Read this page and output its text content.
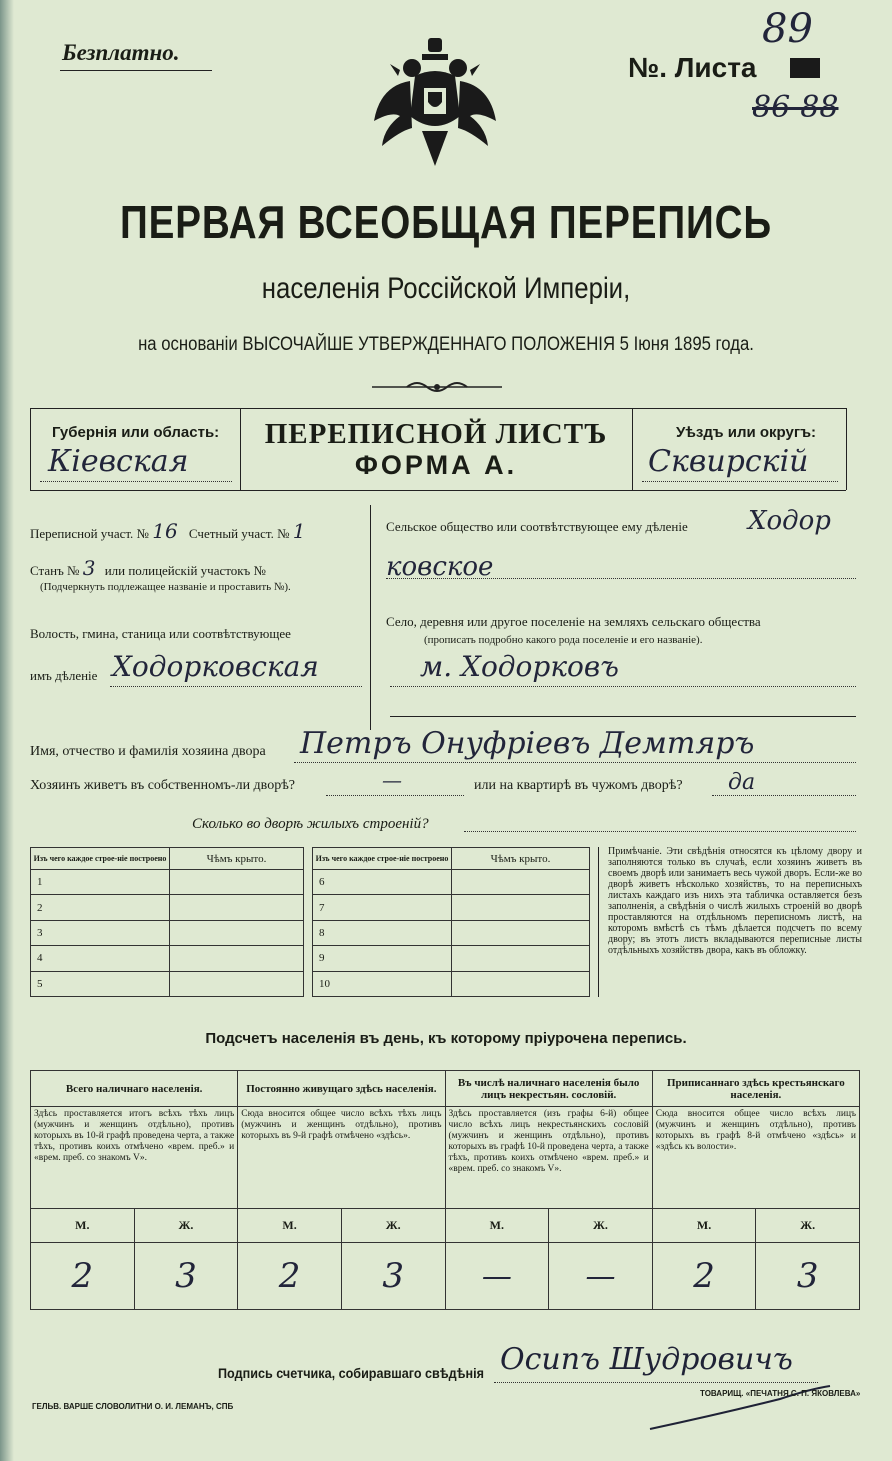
Безплатно.	№. Листа
89
86-88
ПЕРВАЯ ВСЕОБЩАЯ ПЕРЕПИСЬ
населенія Россійской Имперіи,
на основаніи ВЫСОЧАЙШЕ УТВЕРЖДЕННАГО ПОЛОЖЕНІЯ 5 Іюня 1895 года.
Губернія или область:
Кіевская
ПЕРЕПИСНОЙ ЛИСТЪ
ФОРМА А.
Уѣздъ или округъ:
Сквирскій
Переписной участ. № 16 Счетный участ. № 1
Станъ № 3 или полицейскій участокъ №
(Подчеркнуть подлежащее названіе и проставить №).
Волость, гмина, станица или соотвѣтствующее
имъ дѣленіе Ходорковская
Сельское общество или соотвѣтствующее ему дѣленіе Ходор
ковское
Село, деревня или другое поселеніе на земляхъ сельскаго общества
(прописать подробно какого рода поселеніе и его названіе).
м. Ходорковъ
Имя, отчество и фамилія хозяина двора Петръ Онуфріевъ Демтяръ
Хозяинъ живетъ въ собственномъ-ли дворѣ?	—	или на квартирѣ въ чужомъ дворѣ? да
Сколько во дворѣ жилыхъ строеній?
Изъ чего каждое строе-ніе построено	Чѣмъ крыто.
1	
2	
3	
4	
5	
Изъ чего каждое строе-ніе построено	Чѣмъ крыто.
6	
7	
8	
9	
10	
Примѣчаніе. Эти свѣдѣнія относятся къ цѣлому двору и заполняются только въ случаѣ, если хозяинъ живетъ въ своемъ дворѣ или занимаетъ весь чужой дворъ. Если-же во дворѣ живетъ нѣсколько хозяйствъ, то на переписныхъ листахъ каждаго изъ нихъ эта табличка оставляется безъ заполненія, а свѣдѣнія о числѣ жилыхъ строеній во дворѣ проставляются на отдѣльномъ переписномъ листѣ, на которомъ вмѣстѣ съ тѣмъ дѣлается подсчетъ по всему двору; въ этотъ листъ вкладываются переписные листы отдѣльныхъ хозяйствъ двора, какъ въ обложку.
Подсчетъ населенія въ день, къ которому пріурочена перепись.
Всего наличнаго населенія.		Постоянно живущаго здѣсь населенія.		Въ числѣ наличнаго населенія было лицъ некрестьян. сословій.		Приписаннаго здѣсь крестьянскаго населенія.	
Здѣсь проставляется итогъ всѣхъ тѣхъ лицъ (мужчинъ и женщинъ отдѣльно), противъ которыхъ въ 10-й графѣ проведена черта, а также тѣхъ, противъ коихъ отмѣчено «врем. преб.» и «врем. преб. со знакомъ V».		Сюда вносится общее число всѣхъ тѣхъ лицъ (мужчинъ и женщинъ отдѣльно), противъ которыхъ въ 9-й графѣ отмѣчено «здѣсь».		Здѣсь проставляется (изъ графы 6-й) общее число всѣхъ лицъ некрестьянскихъ сословій (мужчинъ и женщинъ отдѣльно), противъ которыхъ въ графѣ 10-й проведена черта, а также тѣхъ, противъ коихъ отмѣчено «врем. преб.» и «врем. преб. со знакомъ V».		Сюда вносится общее число всѣхъ лицъ (мужчинъ и женщинъ отдѣльно), противъ которыхъ въ графѣ 8-й отмѣчено «здѣсь» и «здѣсь къ волости».	
М.	Ж.	М.	Ж.	М.	Ж.	М.	Ж.
2	3	2	3	—	—	2	3
Подпись счетчика, собиравшаго свѣдѣнія Осипъ Шудровичъ
ГЕЛЬВ. ВАРШЕ СЛОВОЛИТНИ О. И. ЛЕМАНЪ, СПБ
ТОВАРИЩ. «ПЕЧАТНЯ С. П. ЯКОВЛЕВА»
